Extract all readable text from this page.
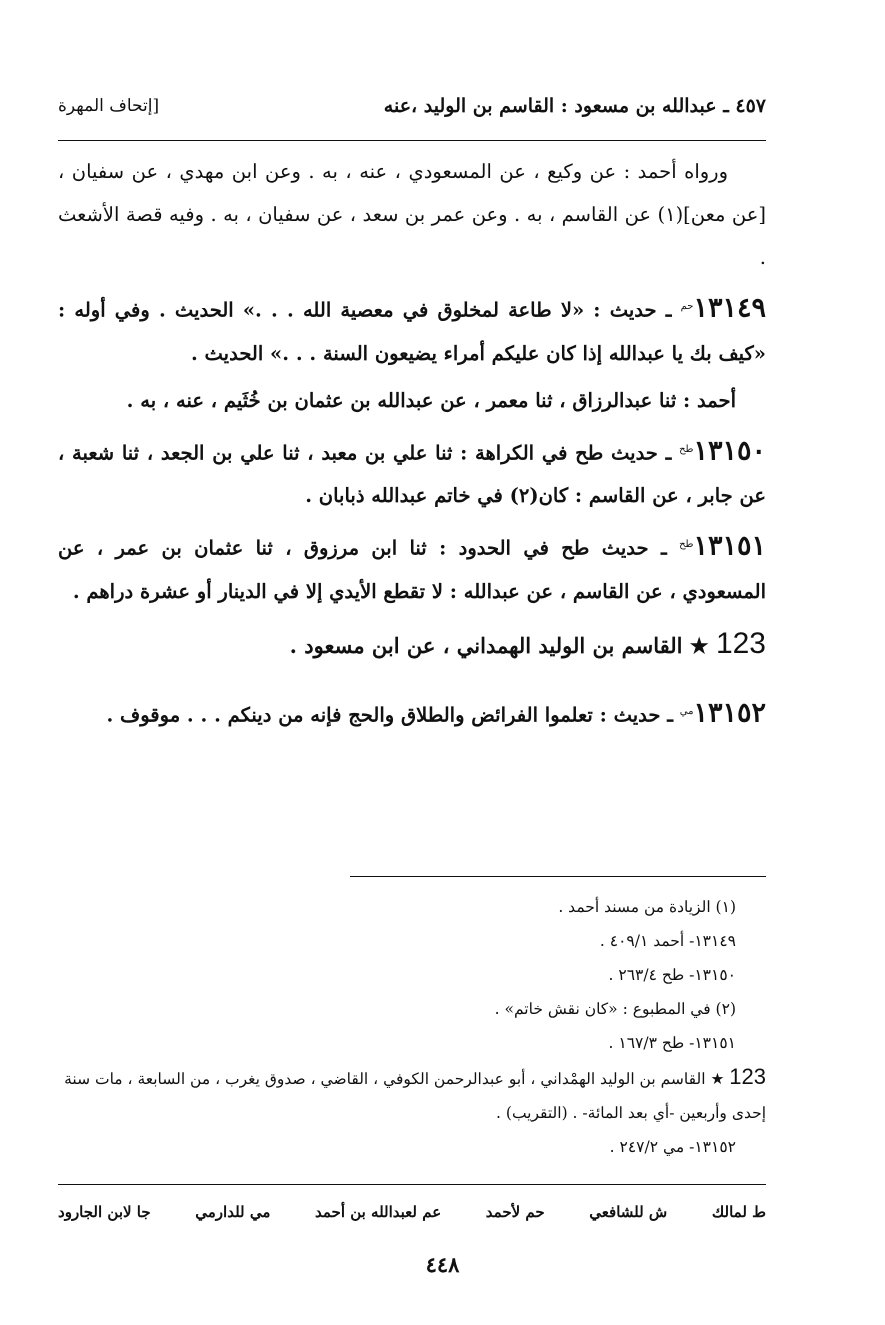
٤٥٧ ـ عبدالله بن مسعود : القاسم بن الوليد ،عنه
[إتحاف المهرة

ورواه أحمد : عن وكيع ، عن المسعودي ، عنه ، به . وعن ابن مهدي ، عن سفيان ، [عن معن](١) عن القاسم ، به . وعن عمر بن سعد ، عن سفيان ، به . وفيه قصة الأشعث .

$١٣١٤٩^{حم}$ ـ حديث : «لا طاعة لمخلوق في معصية الله . . .» الحديث . وفي أوله : «كيف بك يا عبدالله إذا كان عليكم أمراء يضيعون السنة . . .» الحديث .

أحمد : ثنا عبدالرزاق ، ثنا معمر ، عن عبدالله بن عثمان بن خُثَيم ، عنه ، به .

$١٣١٥٠^{طح}$ ـ حديث طح في الكراهة : ثنا علي بن معبد ، ثنا علي بن الجعد ، ثنا شعبة ، عن جابر ، عن القاسم : كان(٢) في خاتم عبدالله ذبابان .

$١٣١٥١^{طح}$ ـ حديث طح في الحدود : ثنا ابن مرزوق ، ثنا عثمان بن عمر ، عن المسعودي ، عن القاسم ، عن عبدالله : لا تقطع الأيدي إلا في الدينار أو عشرة دراهم .

123 ★ القاسم بن الوليد الهمداني ، عن ابن مسعود .

$١٣١٥٢^{مي}$ ـ حديث : تعلموا الفرائض والطلاق والحج فإنه من دينكم . . . موقوف .

(١) الزيادة من مسند أحمد .

١٣١٤٩- أحمد ٤٠٩/١ .

١٣١٥٠- طح ٢٦٣/٤ .

(٢) في المطبوع : «كان نقش خاتم» .

١٣١٥١- طح ١٦٧/٣ .

123 ★ القاسم بن الوليد الهمْداني ، أبو عبدالرحمن الكوفي ، القاضي ، صدوق يغرب ، من السابعة ، مات سنة إحدى وأربعين -أي بعد المائة- . (التقريب) .

١٣١٥٢- مي ٢٤٧/٢ .

ط لمالك
ش للشافعي
حم لأحمد
عم لعبدالله بن أحمد
مي للدارمي
جا لابن الجارود
٤٤٨
